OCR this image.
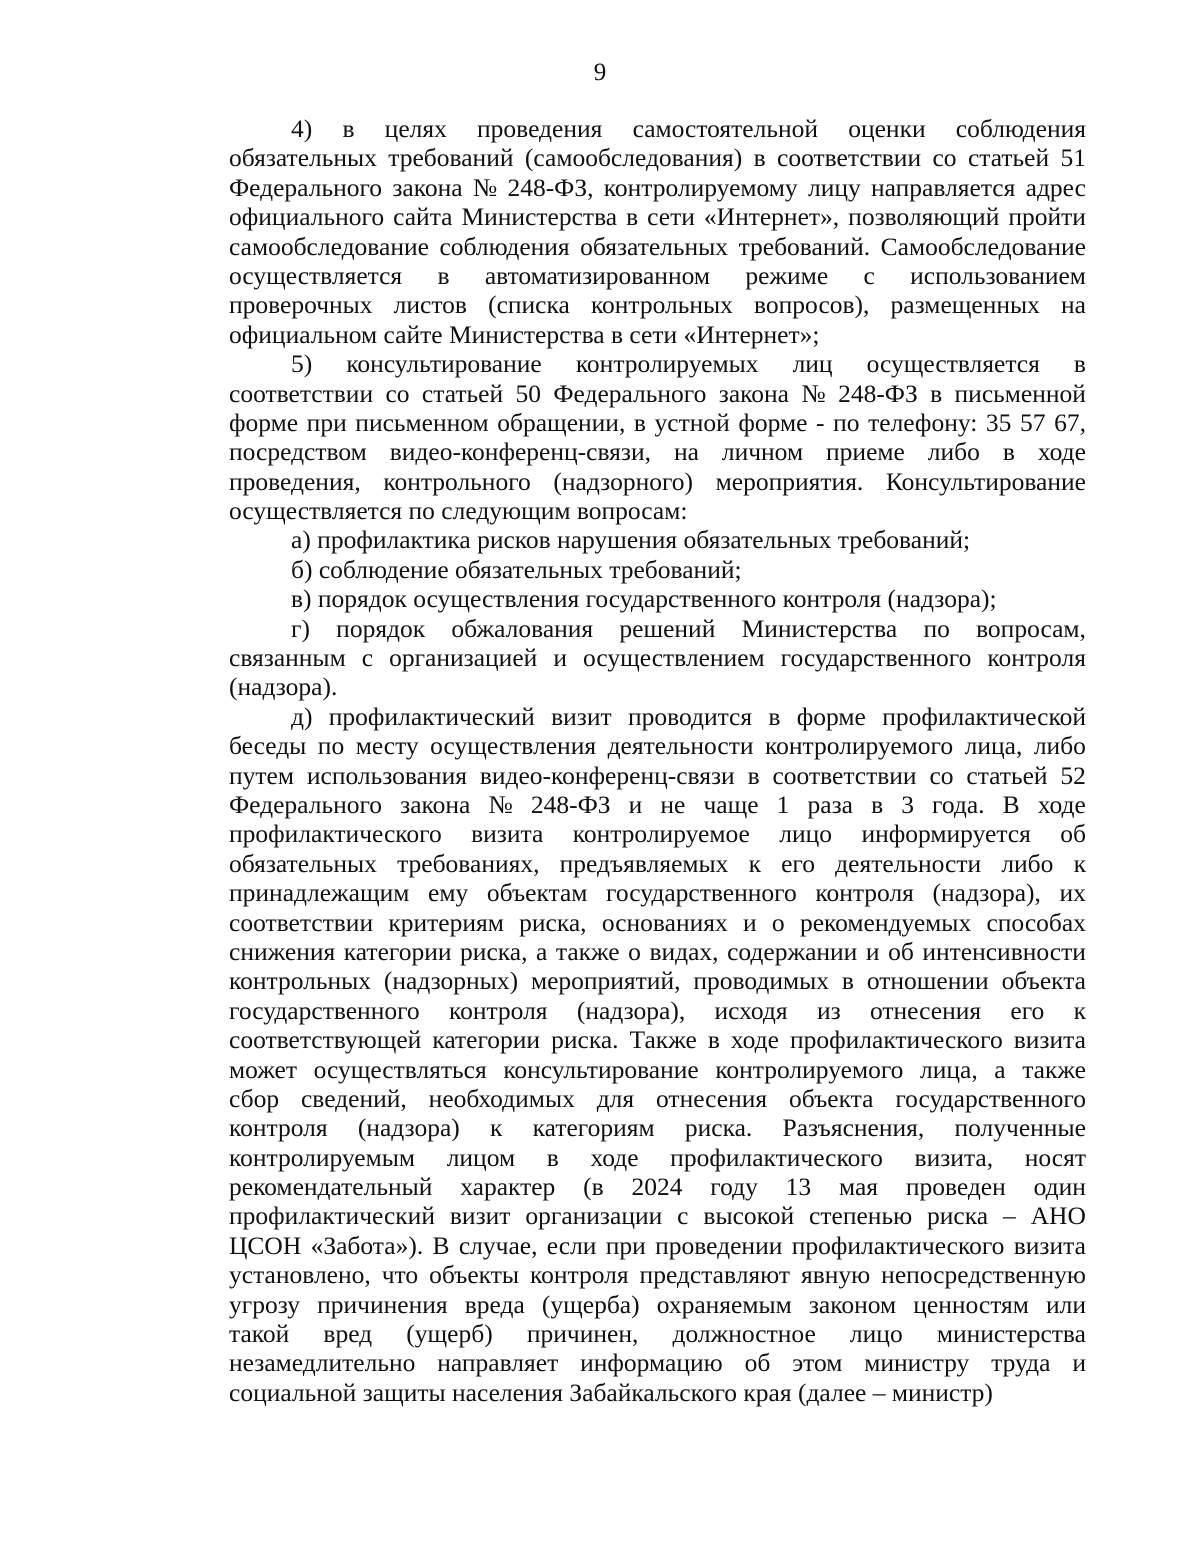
9
4) в целях проведения самостоятельной оценки соблюдения
обязательных требований (самообследования) в соответствии со статьей 51
Федерального закона № 248-ФЗ, контролируемому лицу направляется адрес
официального сайта Министерства в сети «Интернет», позволяющий пройти
самообследование соблюдения обязательных требований. Самообследование
осуществляется в автоматизированном режиме с использованием
проверочных листов (списка контрольных вопросов), размещенных на
официальном сайте Министерства в сети «Интернет»;
5) консультирование контролируемых лиц осуществляется в
соответствии со статьей 50 Федерального закона № 248-ФЗ в письменной
форме при письменном обращении, в устной форме - по телефону: 35 57 67,
посредством видео-конференц-связи, на личном приеме либо в ходе
проведения, контрольного (надзорного) мероприятия. Консультирование
осуществляется по следующим вопросам:
а) профилактика рисков нарушения обязательных требований;
б) соблюдение обязательных требований;
в) порядок осуществления государственного контроля (надзора);
г) порядок обжалования решений Министерства по вопросам,
связанным с организацией и осуществлением государственного контроля
(надзора).
д) профилактический визит проводится в форме профилактической
беседы по месту осуществления деятельности контролируемого лица, либо
путем использования видео-конференц-связи в соответствии со статьей 52
Федерального закона № 248-ФЗ и не чаще 1 раза в 3 года. В ходе
профилактического визита контролируемое лицо информируется об
обязательных требованиях, предъявляемых к его деятельности либо к
принадлежащим ему объектам государственного контроля (надзора), их
соответствии критериям риска, основаниях и о рекомендуемых способах
снижения категории риска, а также о видах, содержании и об интенсивности
контрольных (надзорных) мероприятий, проводимых в отношении объекта
государственного контроля (надзора), исходя из отнесения его к
соответствующей категории риска. Также в ходе профилактического визита
может осуществляться консультирование контролируемого лица, а также
сбор сведений, необходимых для отнесения объекта государственного
контроля (надзора) к категориям риска. Разъяснения, полученные
контролируемым лицом в ходе профилактического визита, носят
рекомендательный характер (в 2024 году 13 мая проведен один
профилактический визит организации с высокой степенью риска – АНО
ЦСОН «Забота»). В случае, если при проведении профилактического визита
установлено, что объекты контроля представляют явную непосредственную
угрозу причинения вреда (ущерба) охраняемым законом ценностям или
такой вред (ущерб) причинен, должностное лицо министерства
незамедлительно направляет информацию об этом министру труда и
социальной защиты населения Забайкальского края (далее – министр)
